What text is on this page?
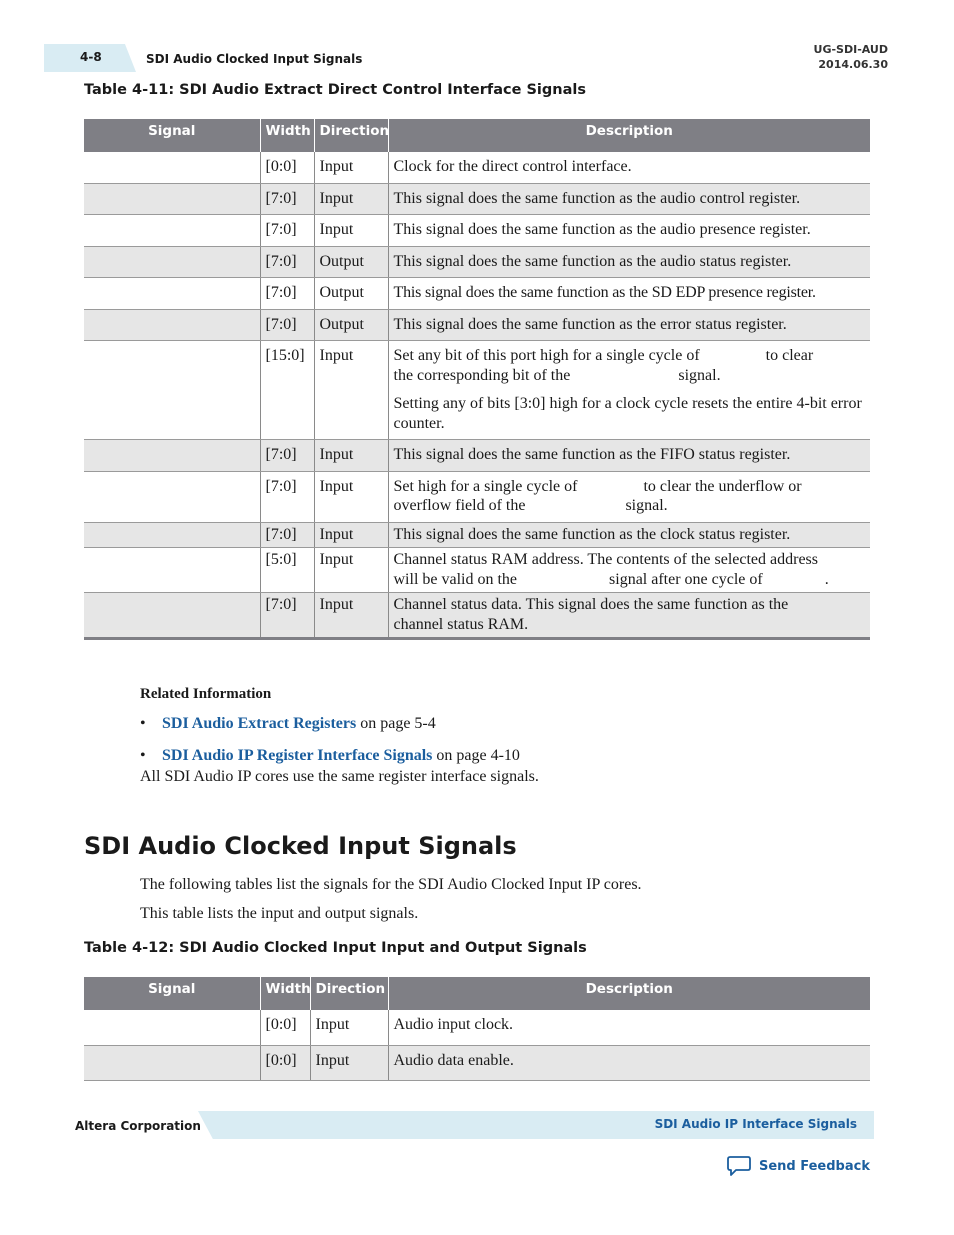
4-8	SDI Audio Clocked Input Signals
UG-SDI-AUD
2014.06.30
Table 4-11: SDI Audio Extract Direct Control Interface Signals
Signal	Width	Direction	Description
	[0:0]	Input	Clock for the direct control interface.
	[7:0]	Input	This signal does the same function as the audio control register.
	[7:0]	Input	This signal does the same function as the audio presence register.
	[7:0]	Output	This signal does the same function as the audio status register.
	[7:0]	Output	This signal does the same function as the SD EDP presence register.
	[7:0]	Output	This signal does the same function as the error status register.
	[15:0]	Input	Set any bit of this port high for a single cycle of to clear
the corresponding bit of the signal.

Setting any of bits [3:0] high for a clock cycle resets the entire 4-bit error counter.

	[7:0]	Input	This signal does the same function as the FIFO status register.
	[7:0]	Input	Set high for a single cycle of to clear the underflow or
overflow field of the signal.

	[7:0]	Input	This signal does the same function as the clock status register.
	[5:0]	Input	Channel status RAM address. The contents of the selected address
will be valid on the signal after one cycle of .

	[7:0]	Input	Channel status data. This signal does the same function as the
channel status RAM.

Related Information
• SDI Audio Extract Registers on page 5-4
• SDI Audio IP Register Interface Signals on page 4-10
All SDI Audio IP cores use the same register interface signals.
SDI Audio Clocked Input Signals
The following tables list the signals for the SDI Audio Clocked Input IP cores.
This table lists the input and output signals.
Table 4-12: SDI Audio Clocked Input Input and Output Signals
Signal	Width	Direction	Description
	[0:0]	Input	Audio input clock.
	[0:0]	Input	Audio data enable.
Altera Corporation	SDI Audio IP Interface Signals
Send Feedback
